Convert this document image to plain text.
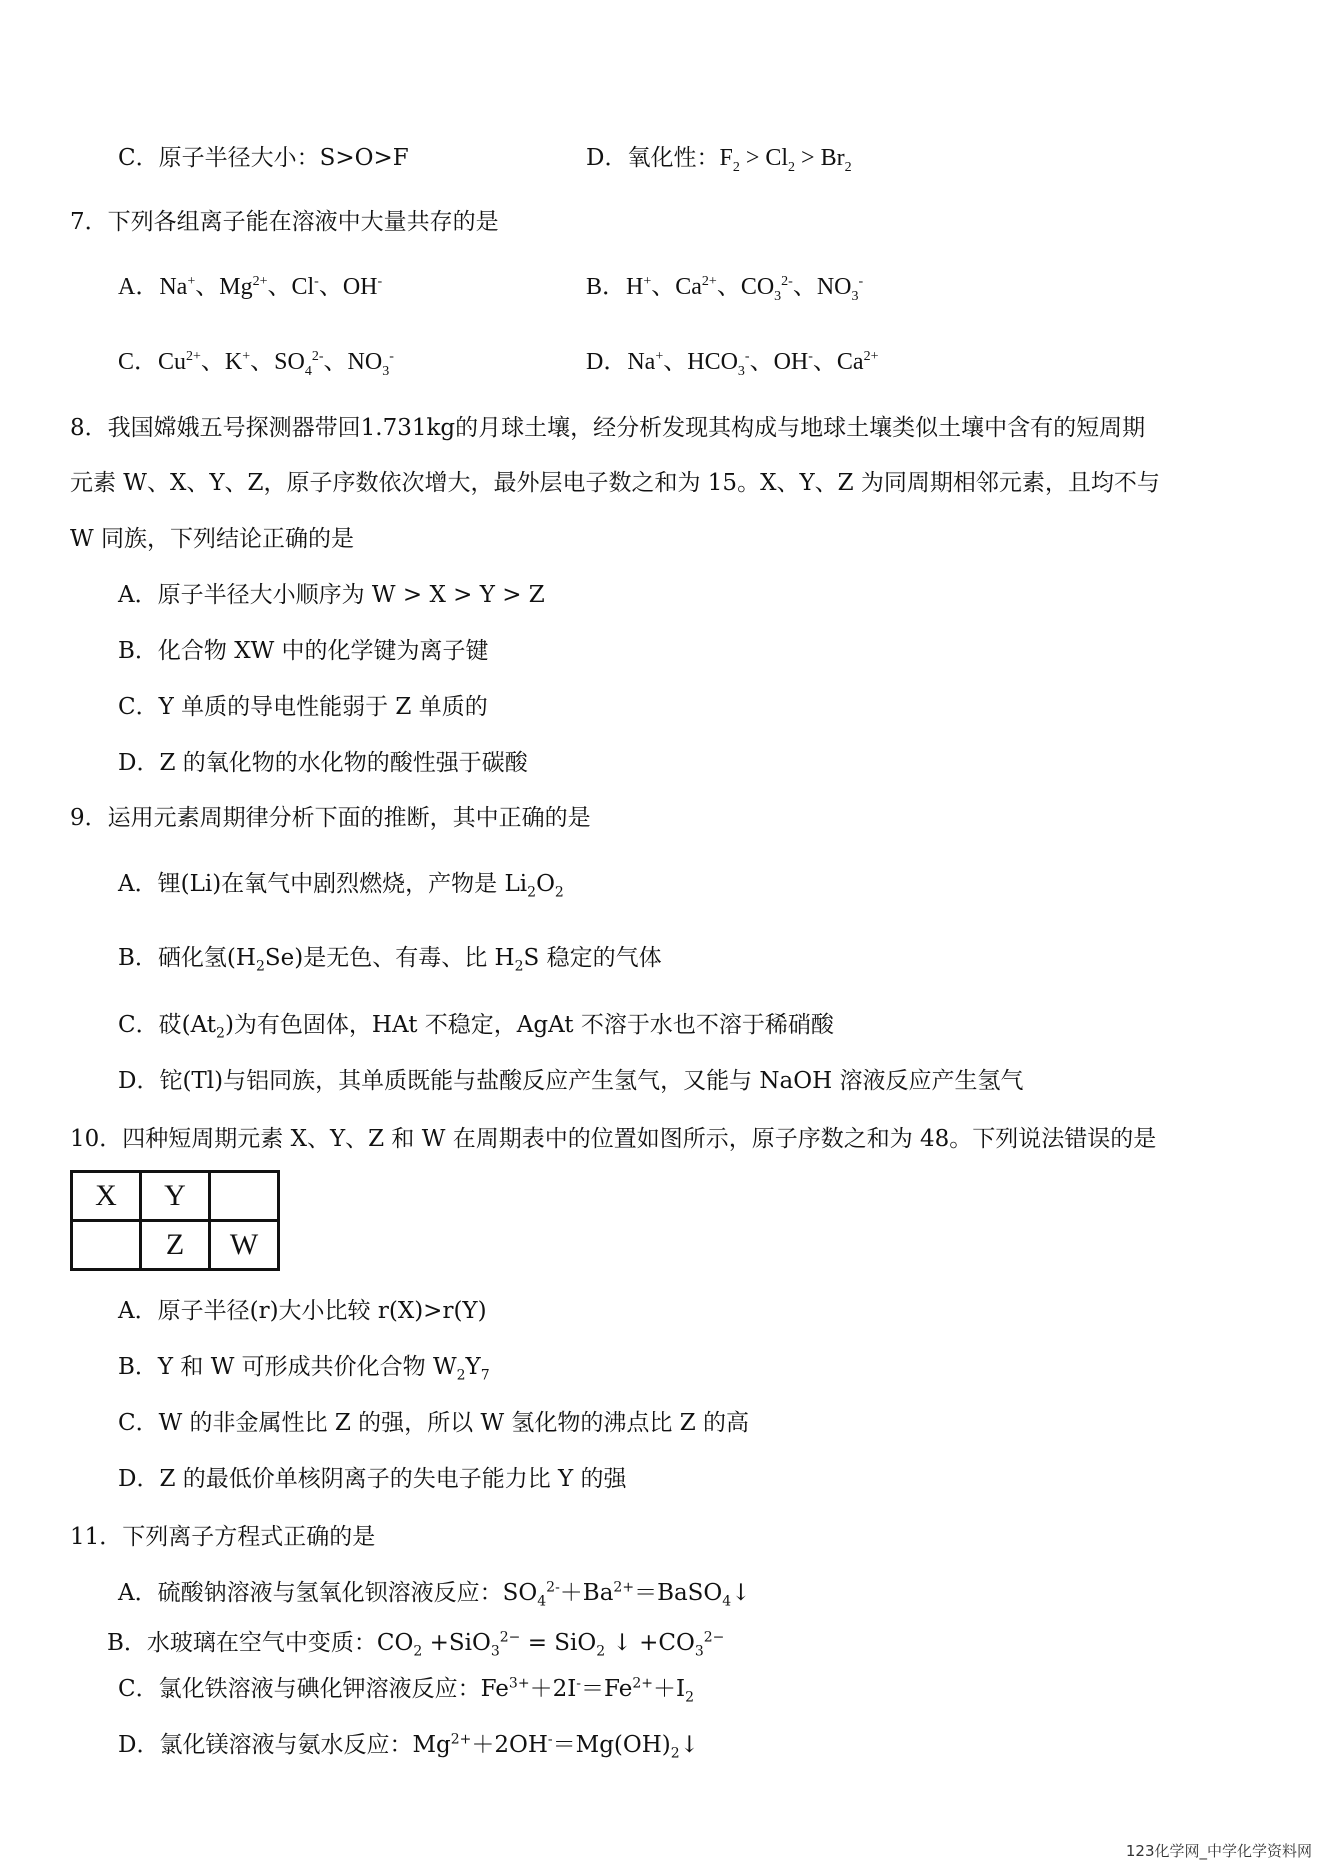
C．原子半径大小：S>O>F	D．氧化性：$F_2 > Cl_2 > Br_2$
7．下列各组离子能在溶液中大量共存的是
A．Na+、$Mg^{2+}$、Cl-、OH-	B．H+、$Ca^{2+}$、$CO_3^{2-}$、$NO_3^-$
C．$Cu^{2+}$、K+、$SO_4^{2-}$、$NO_3^-$	D．Na+、$HCO_3^-$、OH-、$Ca^{2+}$
8．我国嫦娥五号探测器带回1.731kg的月球土壤，经分析发现其构成与地球土壤类似土壤中含有的短周期
元素 W、X、Y、Z，原子序数依次增大，最外层电子数之和为 15。X、Y、Z 为同周期相邻元素，且均不与
W 同族，下列结论正确的是
A．原子半径大小顺序为 W > X > Y > Z
B．化合物 XW 中的化学键为离子键
C．Y 单质的导电性能弱于 Z 单质的
D．Z 的氧化物的水化物的酸性强于碳酸
9．运用元素周期律分析下面的推断，其中正确的是
A．锂(Li)在氧气中剧烈燃烧，产物是 $Li_2O_2$
B．硒化氢$(H_2Se)$是无色、有毒、比 $H_2S$ 稳定的气体
C．砹$(At_2)$为有色固体，HAt 不稳定，AgAt 不溶于水也不溶于稀硝酸
D．铊(Tl)与铝同族，其单质既能与盐酸反应产生氢气，又能与 NaOH 溶液反应产生氢气
10．四种短周期元素 X、Y、Z 和 W 在周期表中的位置如图所示，原子序数之和为 48。下列说法错误的是
X	Y	
	Z	W
A．原子半径(r)大小比较 r(X)>r(Y)
B．Y 和 W 可形成共价化合物 $W_2Y_7$
C．W 的非金属性比 Z 的强，所以 W 氢化物的沸点比 Z 的高
D．Z 的最低价单核阴离子的失电子能力比 Y 的强
11．下列离子方程式正确的是
A．硫酸钠溶液与氢氧化钡溶液反应：$SO_4^{2-}+Ba^{2+}=BaSO_4↓$
B．水玻璃在空气中变质：$CO_2 +SiO_3^{2-} = SiO_2$ ↓ $+CO_3^{2-}$
C．氯化铁溶液与碘化钾溶液反应：$Fe^{3+}+2I^-=Fe^{2+}+I_2$
D．氯化镁溶液与氨水反应：$Mg^{2+}+2OH^-=Mg(OH)_2↓$
123化学网_中学化学资料网
